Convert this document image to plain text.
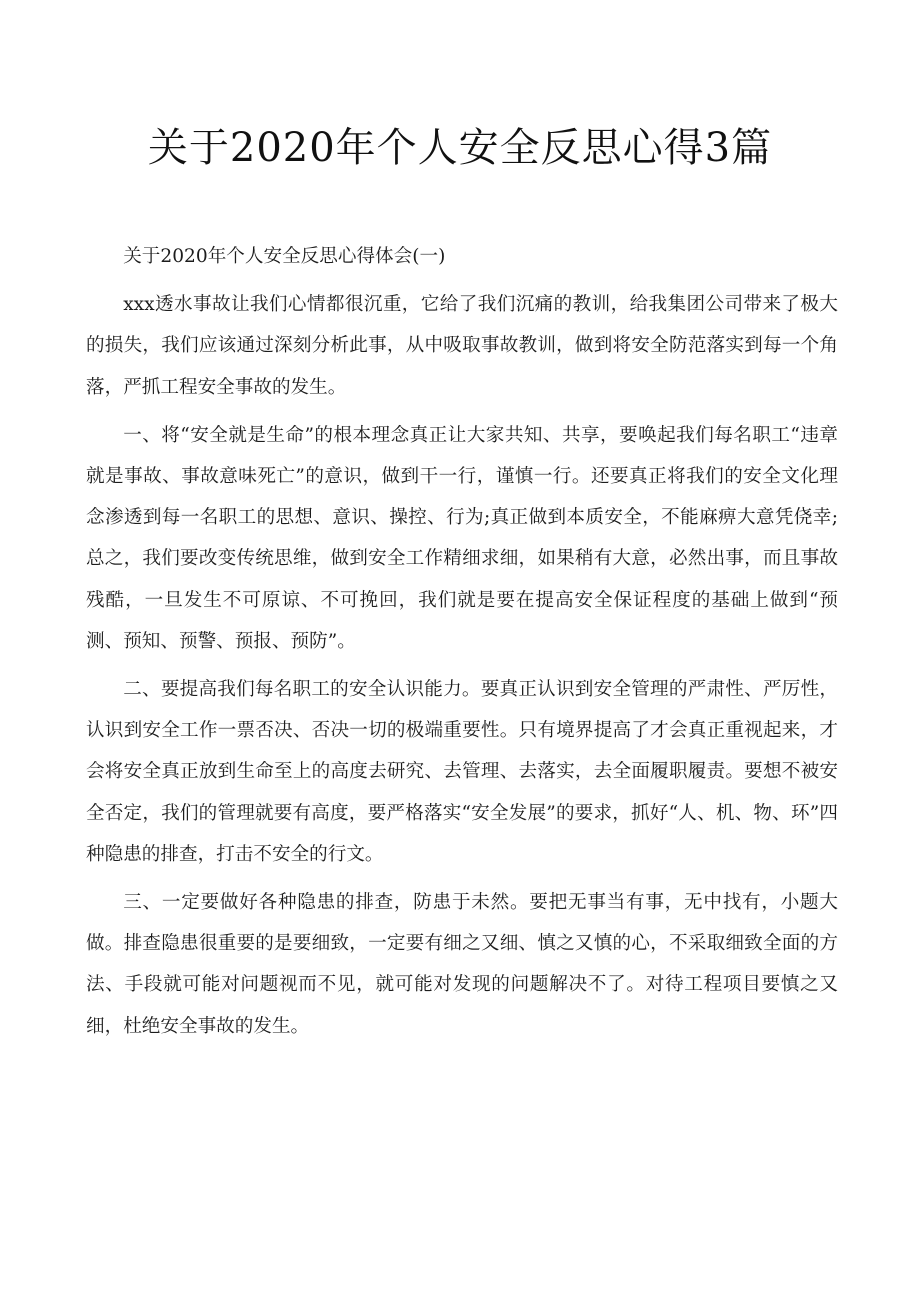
关于2020年个人安全反思心得3篇

关于2020年个人安全反思心得体会(一)

xxx透水事故让我们心情都很沉重，它给了我们沉痛的教训，给我集团公司带来了极大的损失，我们应该通过深刻分析此事，从中吸取事故教训，做到将安全防范落实到每一个角落，严抓工程安全事故的发生。

一、将“安全就是生命”的根本理念真正让大家共知、共享，要唤起我们每名职工“违章就是事故、事故意味死亡”的意识，做到干一行，谨慎一行。还要真正将我们的安全文化理念渗透到每一名职工的思想、意识、操控、行为;真正做到本质安全，不能麻痹大意凭侥幸;总之，我们要改变传统思维，做到安全工作精细求细，如果稍有大意，必然出事，而且事故残酷，一旦发生不可原谅、不可挽回，我们就是要在提高安全保证程度的基础上做到“预测、预知、预警、预报、预防”。

二、要提高我们每名职工的安全认识能力。要真正认识到安全管理的严肃性、严厉性，认识到安全工作一票否决、否决一切的极端重要性。只有境界提高了才会真正重视起来，才会将安全真正放到生命至上的高度去研究、去管理、去落实，去全面履职履责。要想不被安全否定，我们的管理就要有高度，要严格落实“安全发展”的要求，抓好“人、机、物、环”四种隐患的排查，打击不安全的行文。

三、一定要做好各种隐患的排查，防患于未然。要把无事当有事，无中找有，小题大做。排查隐患很重要的是要细致，一定要有细之又细、慎之又慎的心，不采取细致全面的方法、手段就可能对问题视而不见，就可能对发现的问题解决不了。对待工程项目要慎之又细，杜绝安全事故的发生。
